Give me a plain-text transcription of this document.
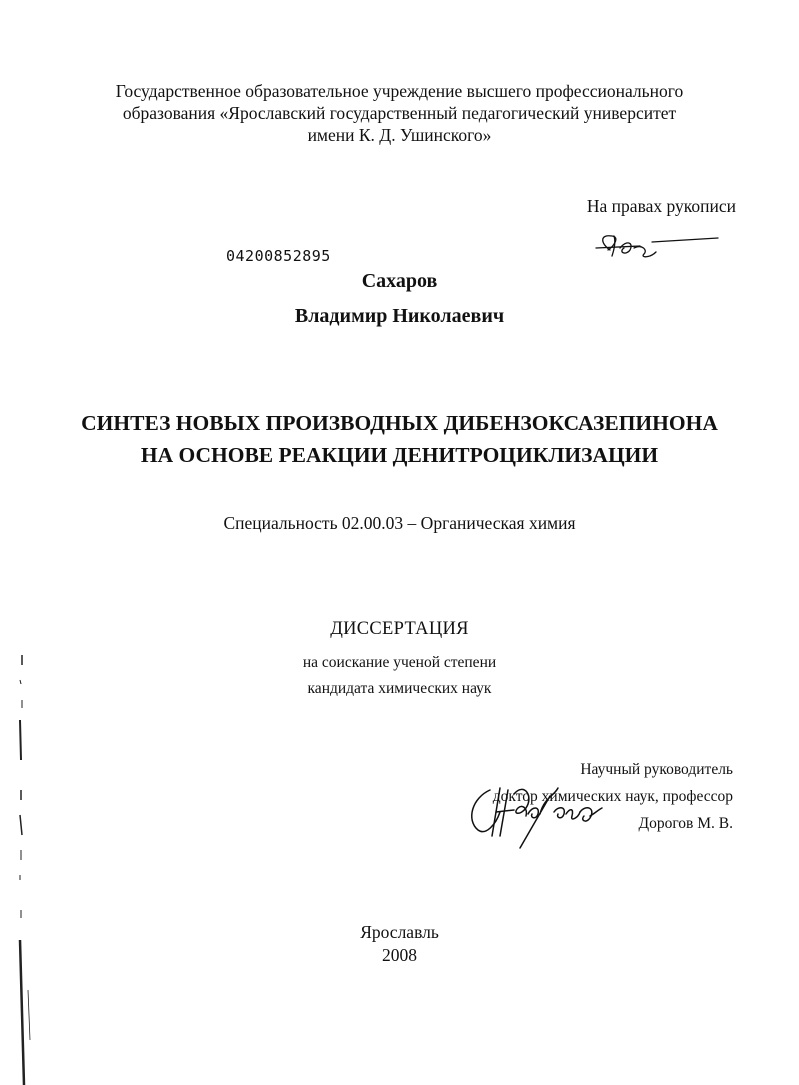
Государственное образовательное учреждение высшего профессионального
образования «Ярославский государственный педагогический университет
имени К. Д. Ушинского»
На правах рукописи
04200852895
Сахаров
Владимир Николаевич
СИНТЕЗ НОВЫХ ПРОИЗВОДНЫХ ДИБЕНЗОКСАЗЕПИНОНА
НА ОСНОВЕ РЕАКЦИИ ДЕНИТРОЦИКЛИЗАЦИИ
Специальность 02.00.03 – Органическая химия
ДИССЕРТАЦИЯ
на соискание ученой степени
кандидата химических наук
Научный руководитель
доктор химических наук, профессор
Дорогов М. В.
Ярославль
2008
